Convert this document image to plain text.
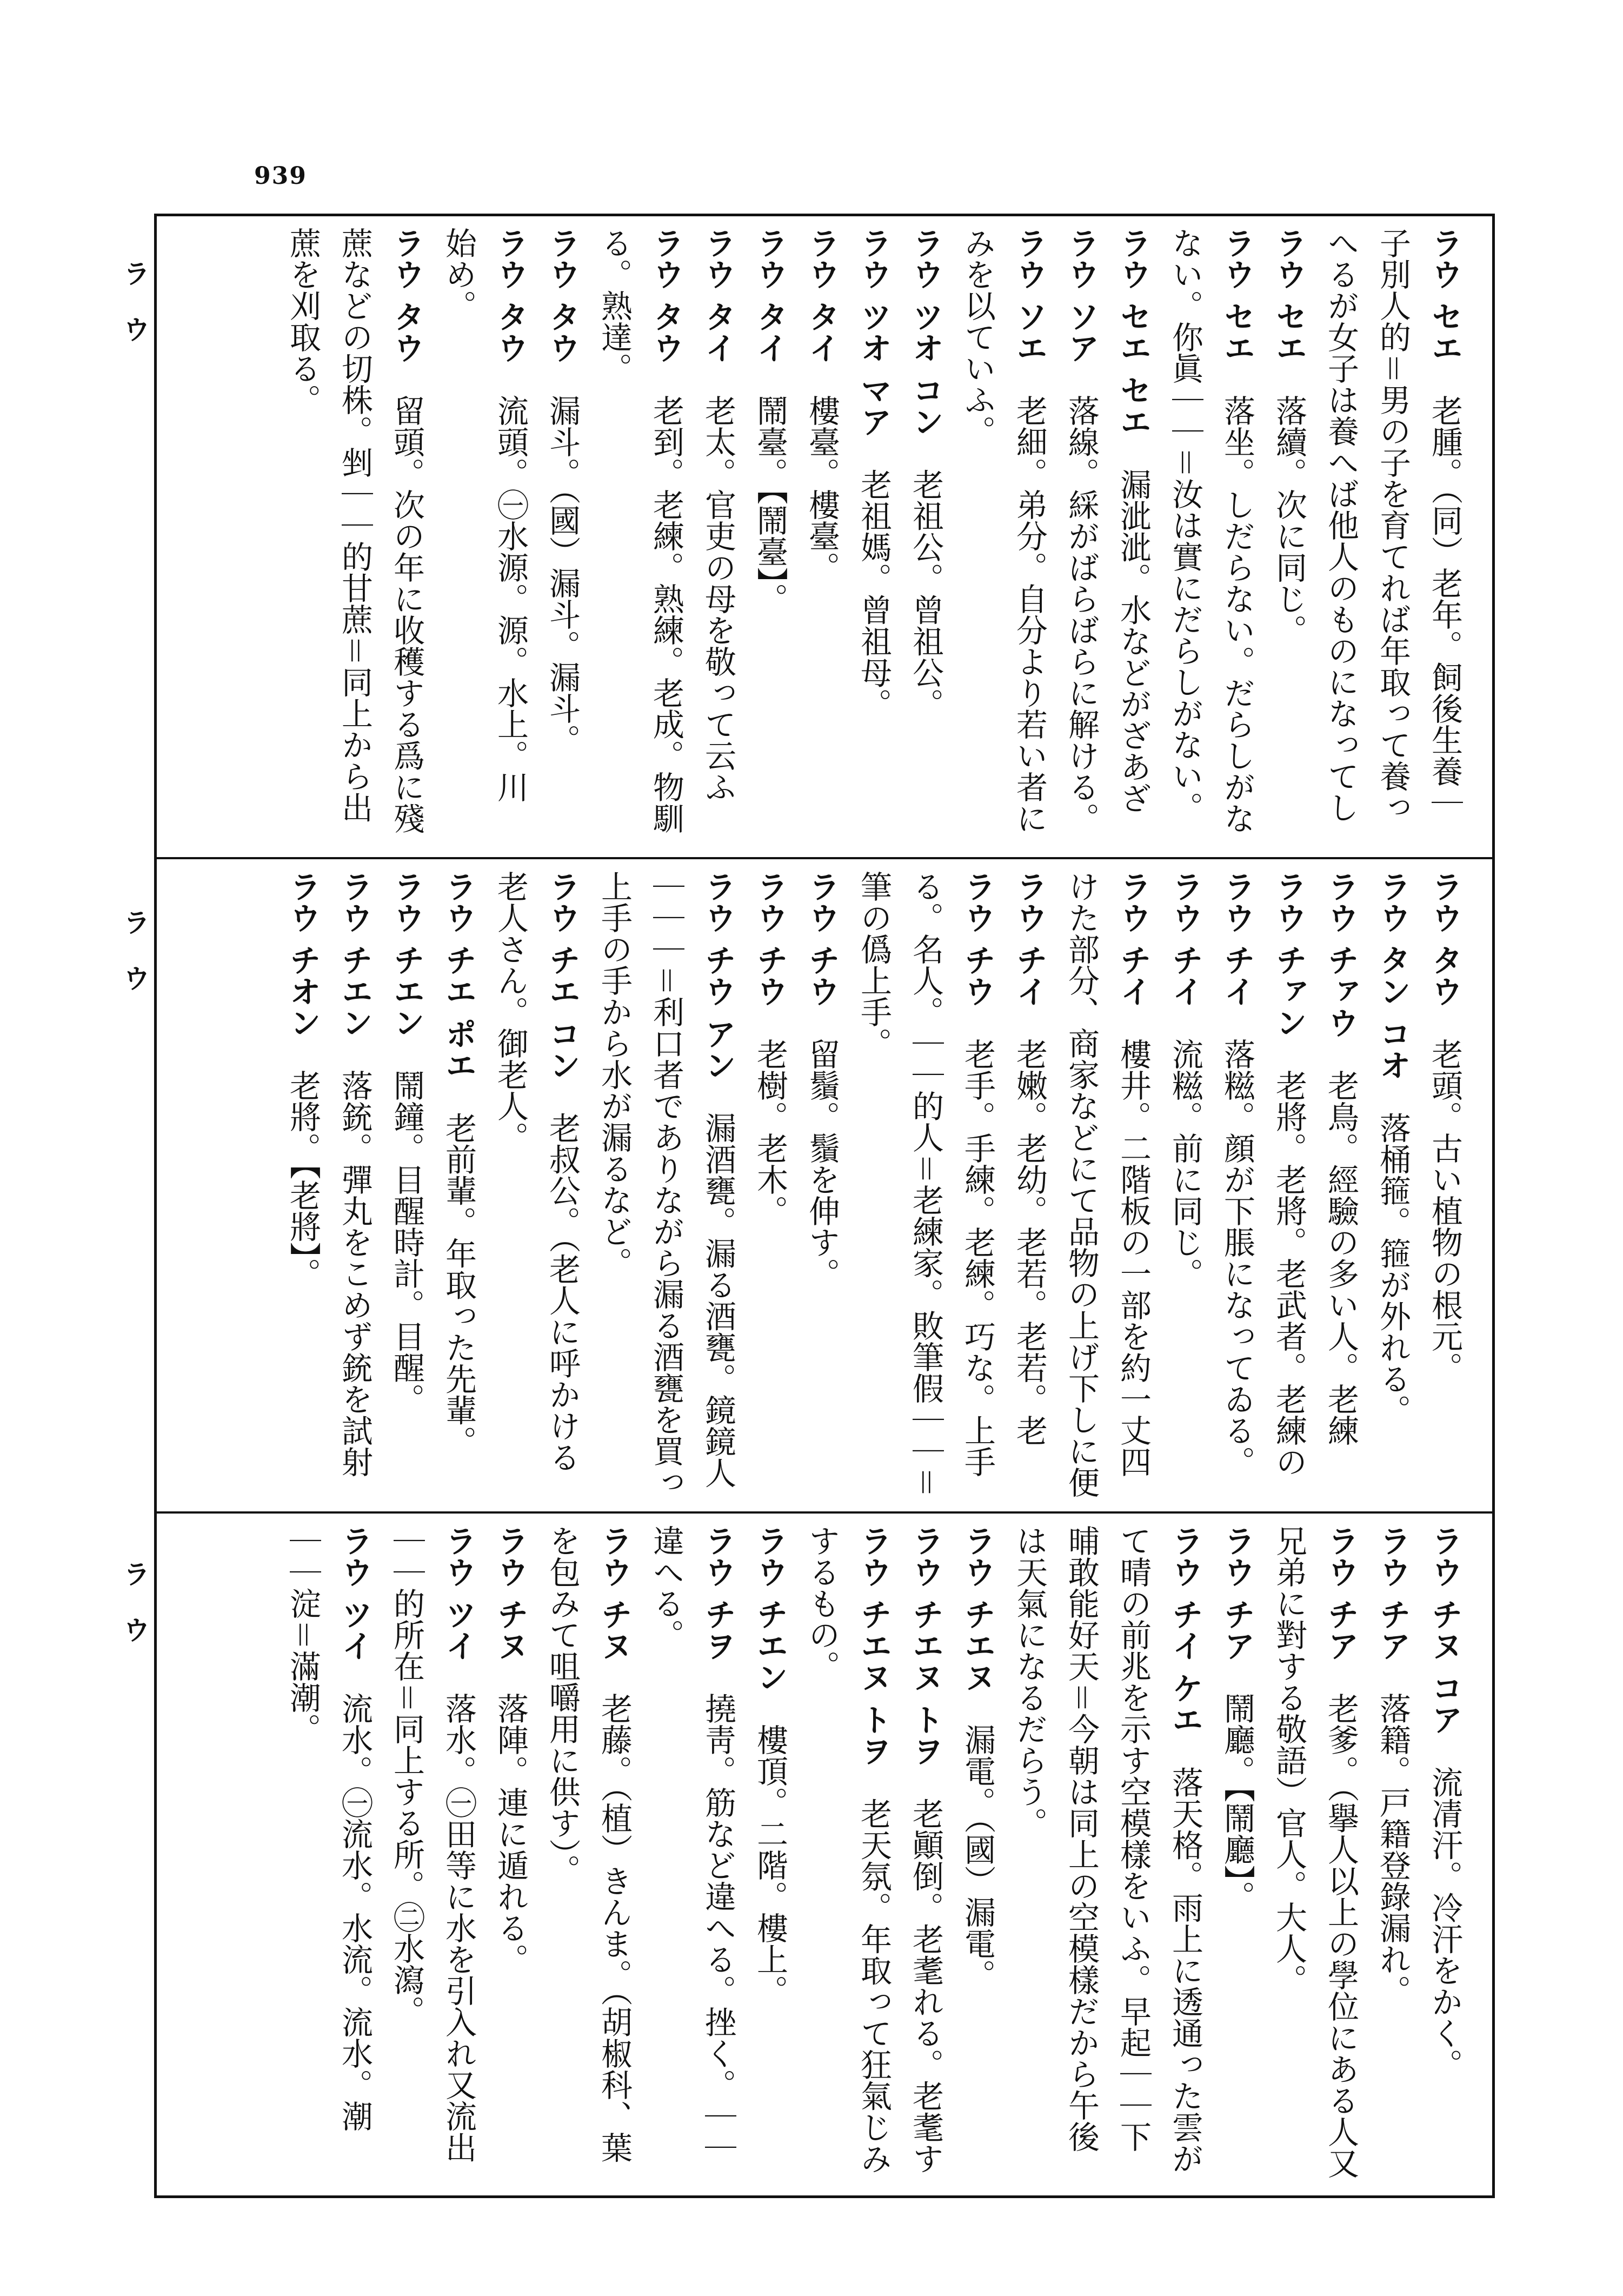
939
ラ ウ
ラ ウ
ラ ウ
ラウ セエ　老腫。（同）老年。飼後生養｜
子別人的＝男の子を育てれば年取って養っ
へるが女子は養へば他人のものになってし
ラウ セエ　落續。次に同じ。
ラウ セエ　落坐。しだらない。だらしがな
ない。你眞｜｜＝汝は實にだらしがない。
ラウ セエ セエ　漏泚泚。水などがざあざ
ラウ ソア　落線。綵がばらばらに解ける。
ラウ ソエ　老細。弟分。自分より若い者に
みを以ていふ。
ラウ ツオ コン　老祖公。曾祖公。
ラウ ツオ マア　老祖媽。曾祖母。
ラウ タイ　樓臺。樓臺。
ラウ タイ　鬧臺。【鬧臺】。
ラウ タイ　老太。官吏の母を敬って云ふ
ラウ タウ　老到。老練。熟練。老成。物馴
る。熟達。
ラウ タウ　漏斗。（國）漏斗。漏斗。
ラウ タウ　流頭。㊀水源。源。水上。川
始め。
ラウ タウ　留頭。次の年に收穫する爲に殘
蔗などの切株。剉｜｜的甘蔗＝同上から出
蔗を刈取る。
ラウ タウ　老頭。古い植物の根元。
ラウ タン コオ　落桶箍。箍が外れる。
ラウ チァウ　老鳥。經驗の多い人。老練
ラウ チァン　老將。老將。老武者。老練の
ラウ チイ　落糍。顔が下脹になってゐる。
ラウ チイ　流糍。前に同じ。
ラウ チイ　樓井。二階板の一部を約一丈四
けた部分、商家などにて品物の上げ下しに便
ラウ チイ　老嫩。老幼。老若。老若。老
ラウ チウ　老手。手練。老練。巧な。上手
る。名人。｜｜的人＝老練家。敗筆假｜｜＝
筆の僞上手。
ラウ チウ　留鬚。鬚を伸す。
ラウ チウ　老樹。老木。
ラウ チウ アン　漏酒甕。漏る酒甕。鏡鏡人
｜｜｜＝利口者でありながら漏る酒甕を買っ
上手の手から水が漏るなど。
ラウ チエ コン　老叔公。（老人に呼かける
老人さん。御老人。
ラウ チエ ポエ　老前輩。年取った先輩。
ラウ チエン　鬧鐘。目醒時計。目醒。
ラウ チエン　落銃。彈丸をこめず銃を試射
ラウ チオン　老將。【老將】。
ラウ チヌ コア　流凊汗。冷汗をかく。
ラウ チア　落籍。戸籍登錄漏れ。
ラウ チア　老爹。（擧人以上の學位にある人又
兄弟に對する敬語）官人。大人。
ラウ チア　鬧廳。【鬧廳】。
ラウ チイ ケエ　落天格。雨上に透通った雲が
て晴の前兆を示す空模樣をいふ。早起｜｜下
晡敢能好天＝今朝は同上の空模樣だから午後
は天氣になるだらう。
ラウ チエヌ　漏電。（國）漏電。
ラウ チエヌ トヲ　老顚倒。老耄れる。老耄す
ラウ チエヌ トヲ　老天氛。年取って狂氣じみ
するもの。
ラウ チエン　樓頂。二階。樓上。
ラウ チヲ　撓靑。筋など違へる。挫く。｜｜
違へる。
ラウ チヌ　老藤。（植）きんま。（胡椒科、葉
を包みて咀嚼用に供す）。
ラウ チヌ　落陣。連に遁れる。
ラウ ツイ　落水。㊀田等に水を引入れ又流出
｜｜的所在＝同上する所。㊁水瀉。
ラウ ツイ　流水。㊀流水。水流。流水。潮
｜｜淀＝滿潮。
